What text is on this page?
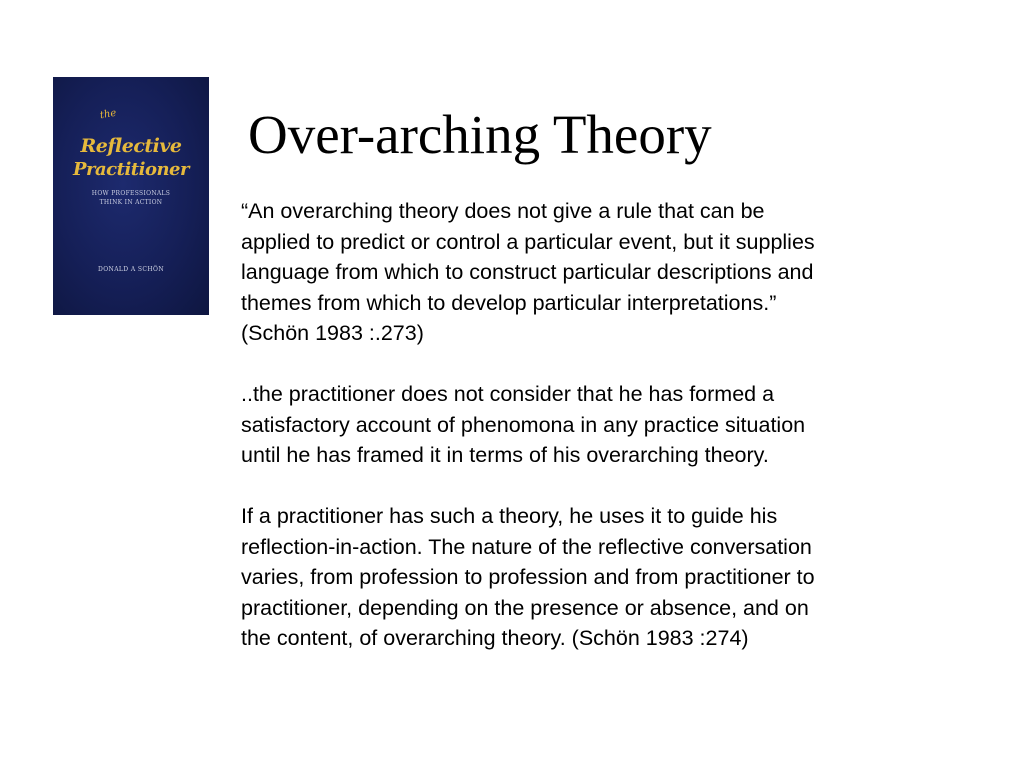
the
Reflective
Practitioner
HOW PROFESSIONALS
THINK IN ACTION
DONALD A SCHÖN
Over-arching Theory

“An overarching theory does not give a rule that can be
applied to predict or control a particular event, but it supplies
language from which to construct particular descriptions and
themes from which to develop particular interpretations.”
(Schön 1983 :.273)

..the practitioner does not consider that he has formed a
satisfactory account of phenomona in any practice situation
until he has framed it in terms of his overarching theory.

If a practitioner has such a theory, he uses it to guide his
reflection-in-action. The nature of the reflective conversation
varies, from profession to profession and from practitioner to
practitioner, depending on the presence or absence, and on
the content, of overarching theory. (Schön 1983 :274)
